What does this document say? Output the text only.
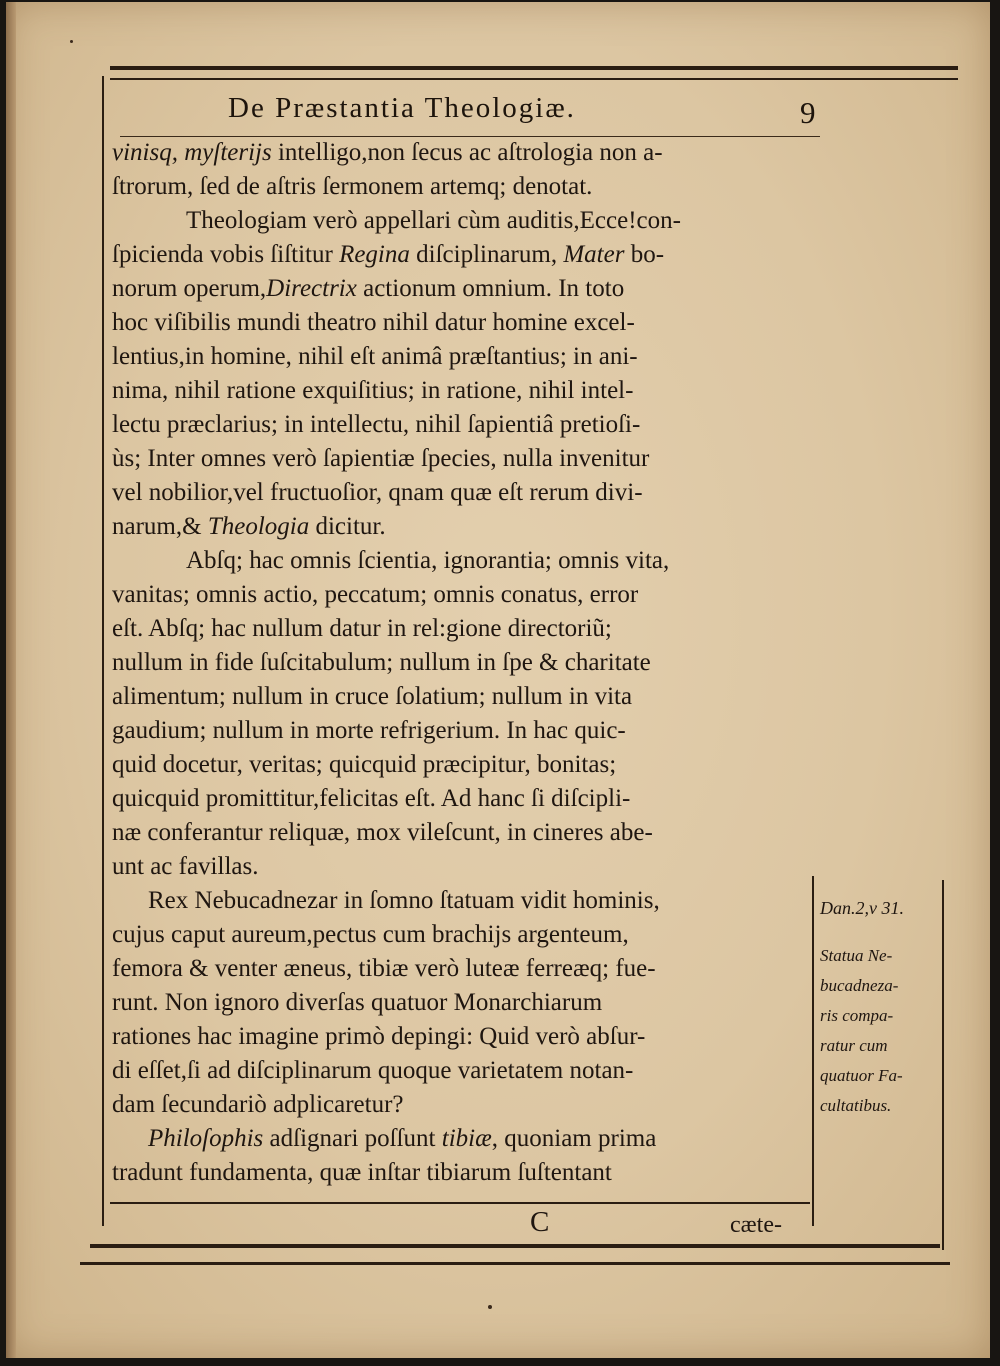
De Præstantia Theologiæ.	9
vinisq, myſterijs intelligo,non ſecus ac aſtrologia non a-
ſtrorum, ſed de aſtris ſermonem artemq; denotat.
Theologiam verò appellari cùm auditis,Ecce!con-
ſpicienda vobis ſiſtitur Regina diſciplinarum, Mater bo-
norum operum,Directrix actionum omnium. In toto
hoc viſibilis mundi theatro nihil datur homine excel-
lentius,in homine, nihil eſt animâ præſtantius; in ani-
nima, nihil ratione exquiſitius; in ratione, nihil intel-
lectu præclarius; in intellectu, nihil ſapientiâ pretioſi-
ùs; Inter omnes verò ſapientiæ ſpecies, nulla invenitur
vel nobilior,vel fructuoſior, qnam quæ eſt rerum divi-
narum,& Theologia dicitur.
Abſq; hac omnis ſcientia, ignorantia; omnis vita,
vanitas; omnis actio, peccatum; omnis conatus, error
eſt. Abſq; hac nullum datur in rel:gione directoriũ;
nullum in fide ſuſcitabulum; nullum in ſpe & charitate
alimentum; nullum in cruce ſolatium; nullum in vita
gaudium; nullum in morte refrigerium. In hac quic-
quid docetur, veritas; quicquid præcipitur, bonitas;
quicquid promittitur,felicitas eſt. Ad hanc ſi diſcipli-
næ conferantur reliquæ, mox vileſcunt, in cineres abe-
unt ac favillas.
Rex Nebucadnezar in ſomno ſtatuam vidit hominis,
cujus caput aureum,pectus cum brachijs argenteum,
femora & venter æneus, tibiæ verò luteæ ferreæq; fue-
runt. Non ignoro diverſas quatuor Monarchiarum
rationes hac imagine primò depingi: Quid verò abſur-
di eſſet,ſi ad diſciplinarum quoque varietatem notan-
dam ſecundariò adplicaretur?
Philoſophis adſignari poſſunt tibiæ, quoniam prima
tradunt fundamenta, quæ inſtar tibiarum ſuſtentant
Dan.2,v 31.
Statua Ne-
bucadneza-
ris compa-
ratur cum
quatuor Fa-
cultatibus.
C	cæte-
